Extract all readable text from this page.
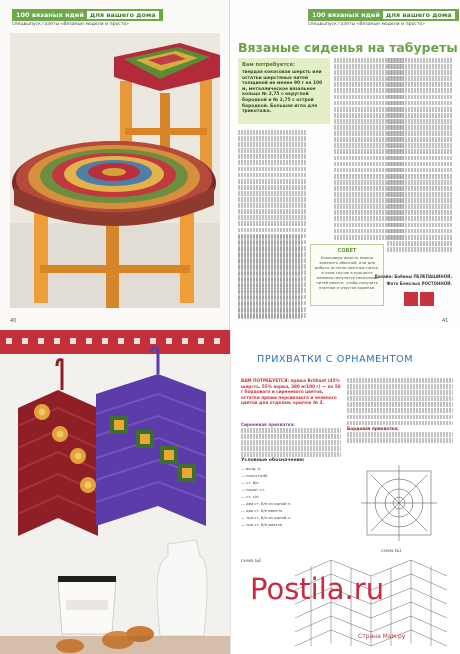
100 вязаных идей для вашего дома
спецвыпуск газеты «Вязаные модели и просто»
40
100 вязаных идей для вашего дома
спецвыпуск газеты «Вязаные модели и просто»
Вязаные сиденья на табуреты
Вам потребуется:
твердая кокосовая шерсть или остатки шерстяных нитей толщиной не менее 90 г на 100 м, металлическое вязальное кольцо № 3,75 с округлой бородкой и № 2,75 с острой бородкой. Большая игла для трикотажа.
СОВЕТ
Кокосовую шерсть можно заменить обычной, или для работы остатки цветных ниток, в этом случае в процессе вязания получатся несколько нитей вместе, чтобы получить плотное и упругое сиденье.
Дизайн: Бобины ПЕЛЕПАШИНОЙ,
Фото Блеклых РОСТОННОЙ.
41
ПРИХВАТКИ С ОРНАМЕНТОМ
ВАМ ПОТРЕБУЕТСЯ: пряжа Brilliant (45% шерсть, 55% акрил, 380 м/100 г) — по 50 г бордового и сиреневого цветов, остатки пряжи персикового и зеленого цветов для отделки; крючок № 3.
Сиреневая прихватка:
Бордовая прихватка:
Условные обозначения:
— возд. п.
— полустолб.
— ст. б/н
— пышн. ст.
— ст. с/н
— два ст. б/н из одной п.
— два ст. б/н вместе
— три ст. б/н из одной п.
— три ст. б/н вместе
схема №1
схема №2
Postila.ru
Страна Мам.ру
